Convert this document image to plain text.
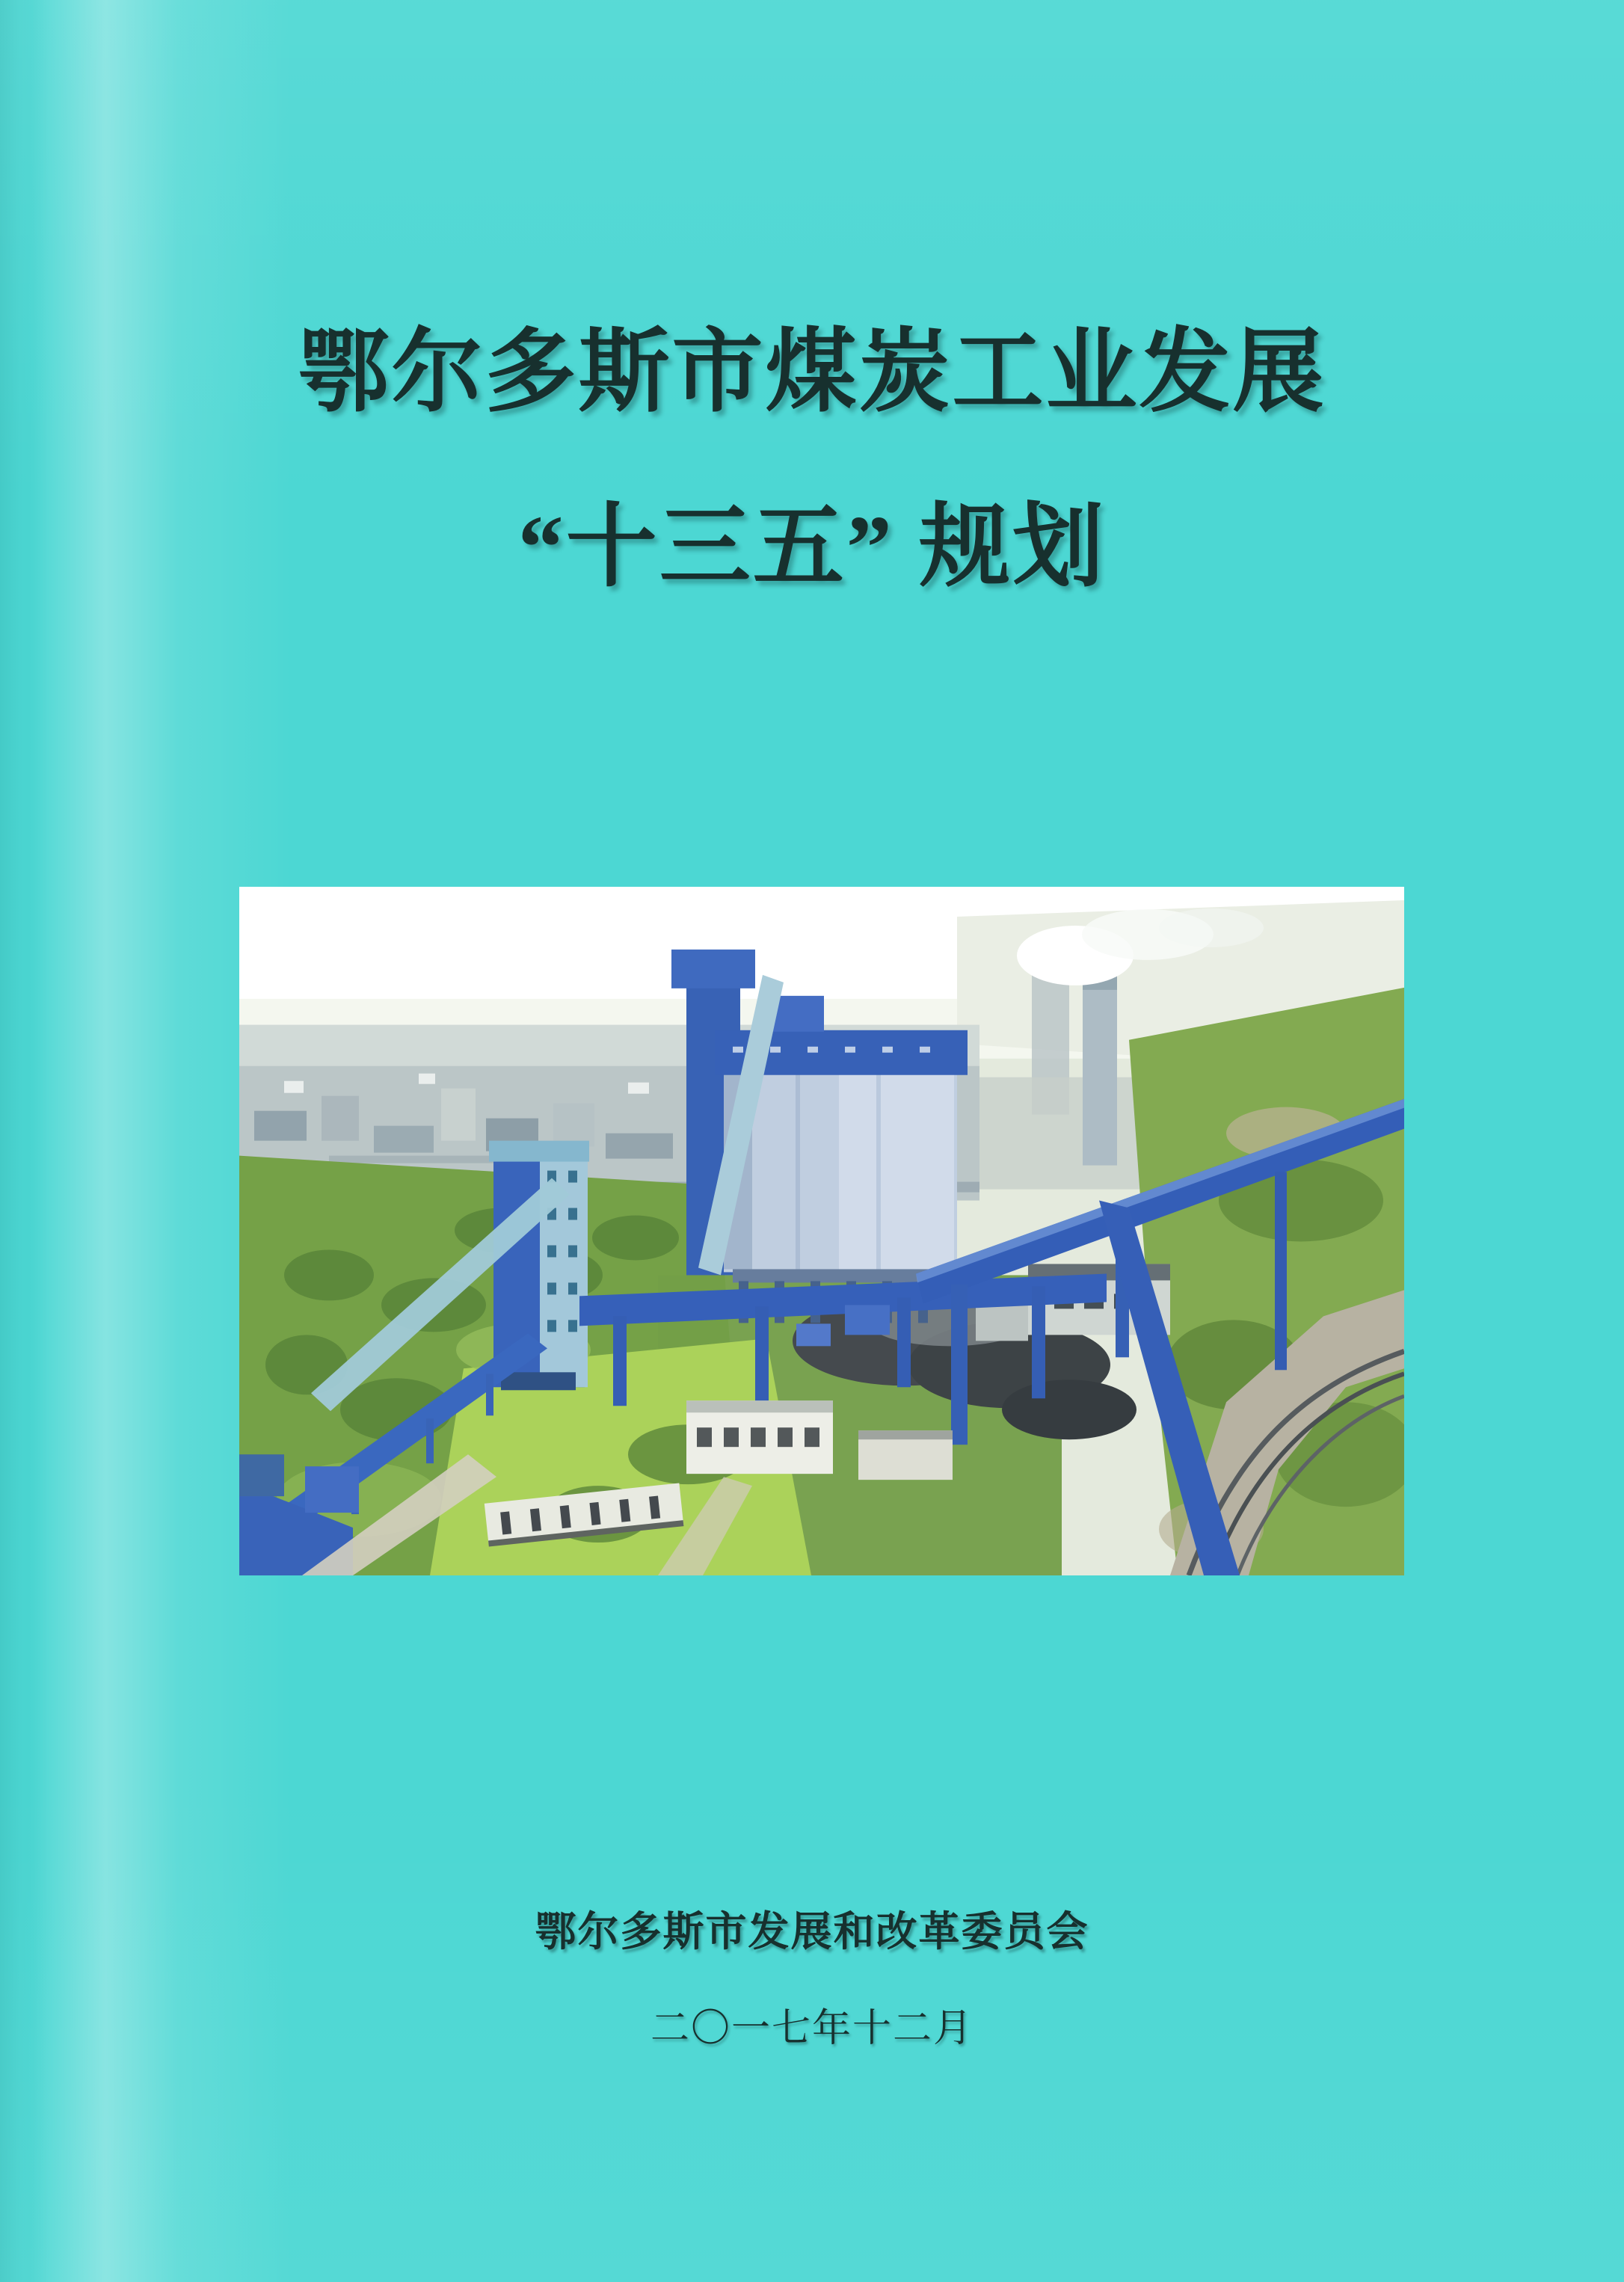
鄂尔多斯市煤炭工业发展
“十三五” 规划
鄂尔多斯市发展和改革委员会
二〇一七年十二月
